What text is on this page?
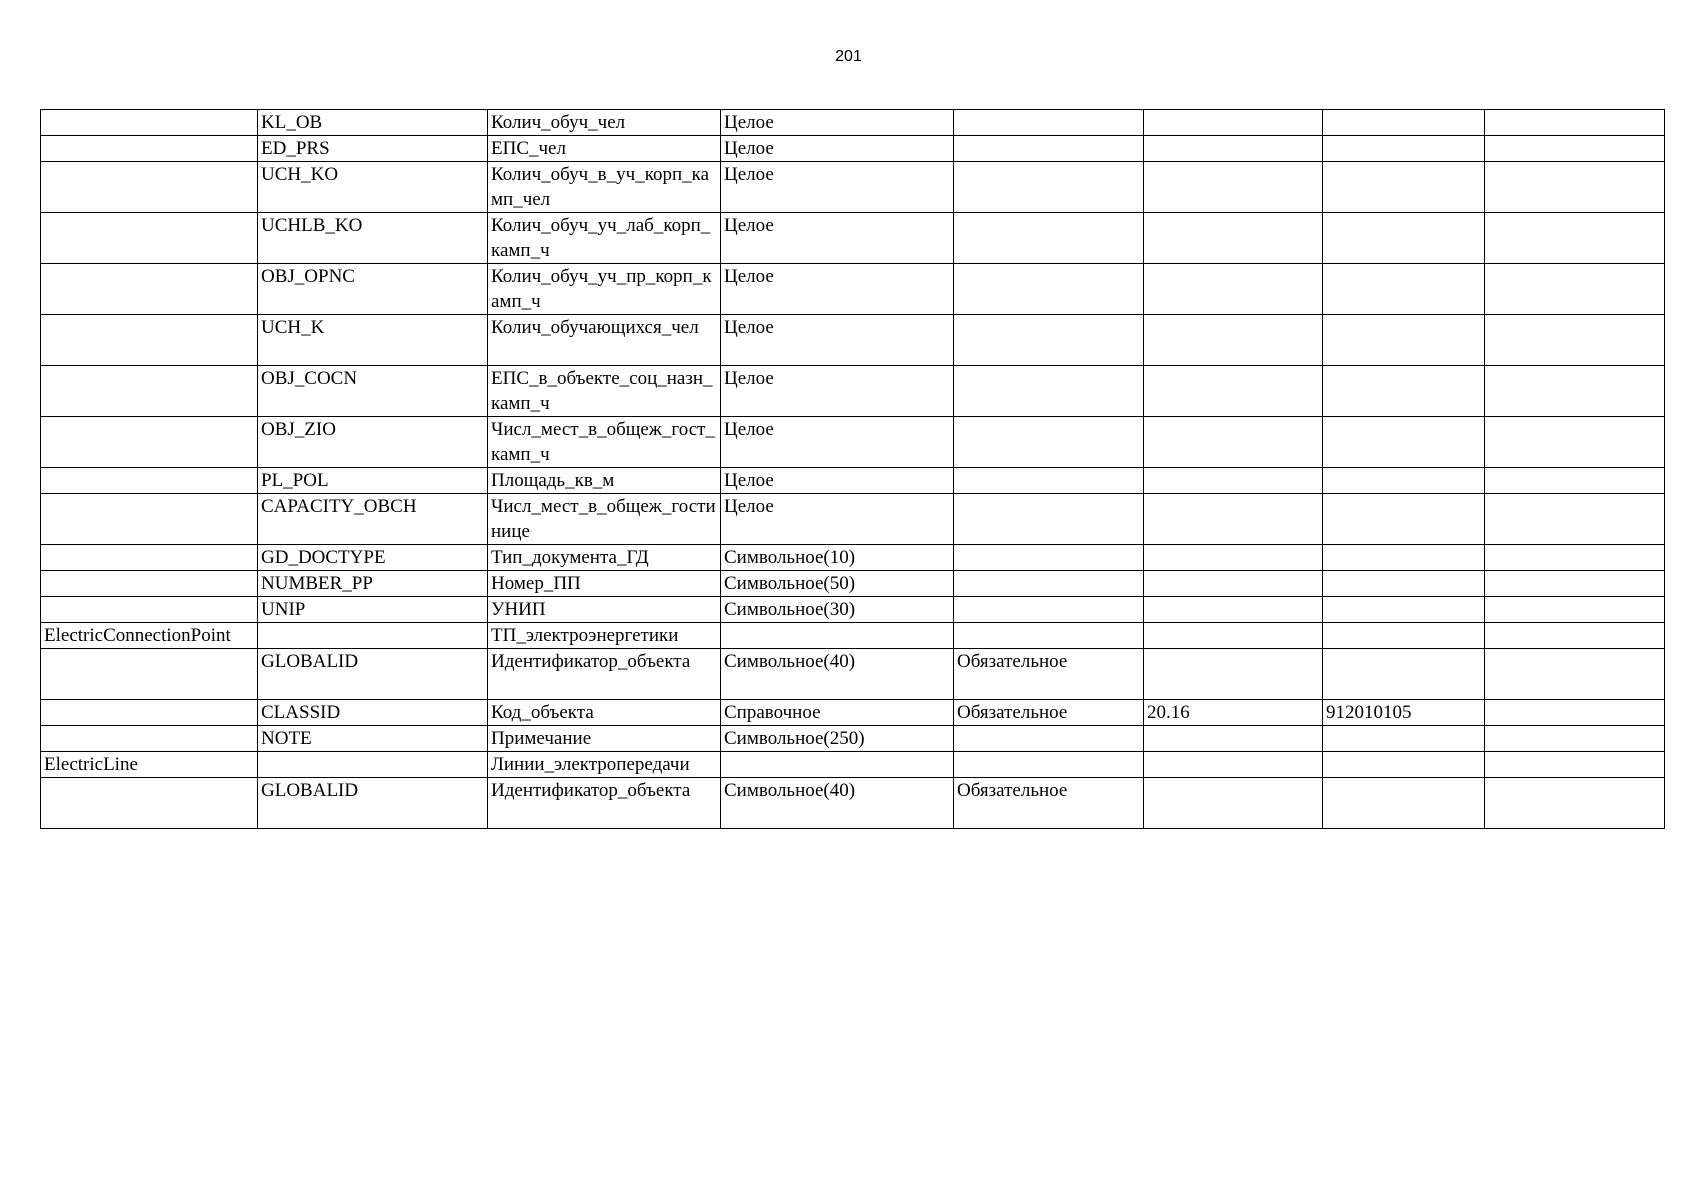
201
	KL_OB	Колич_обуч_чел	Целое				
	ED_PRS	ЕПС_чел	Целое				
	UCH_KO	Колич_обуч_в_уч_корп_камп_чел	Целое				
	UCHLB_KO	Колич_обуч_уч_лаб_корп_камп_ч	Целое				
	OBJ_OPNC	Колич_обуч_уч_пр_корп_камп_ч	Целое				
	UCH_K	Колич_обучающихся_чел	Целое				
	OBJ_COCN	ЕПС_в_объекте_соц_назн_камп_ч	Целое				
	OBJ_ZIO	Числ_мест_в_общеж_гост_камп_ч	Целое				
	PL_POL	Площадь_кв_м	Целое				
	CAPACITY_OBCH	Числ_мест_в_общеж_гостинице	Целое				
	GD_DOCTYPE	Тип_документа_ГД	Символьное(10)				
	NUMBER_PP	Номер_ПП	Символьное(50)				
	UNIP	УНИП	Символьное(30)				
ElectricConnectionPoint		ТП_электроэнергетики					
	GLOBALID	Идентификатор_объекта	Символьное(40)	Обязательное			
	CLASSID	Код_объекта	Справочное	Обязательное	20.16	912010105	
	NOTE	Примечание	Символьное(250)				
ElectricLine		Линии_электропередачи					
	GLOBALID	Идентификатор_объекта	Символьное(40)	Обязательное			
